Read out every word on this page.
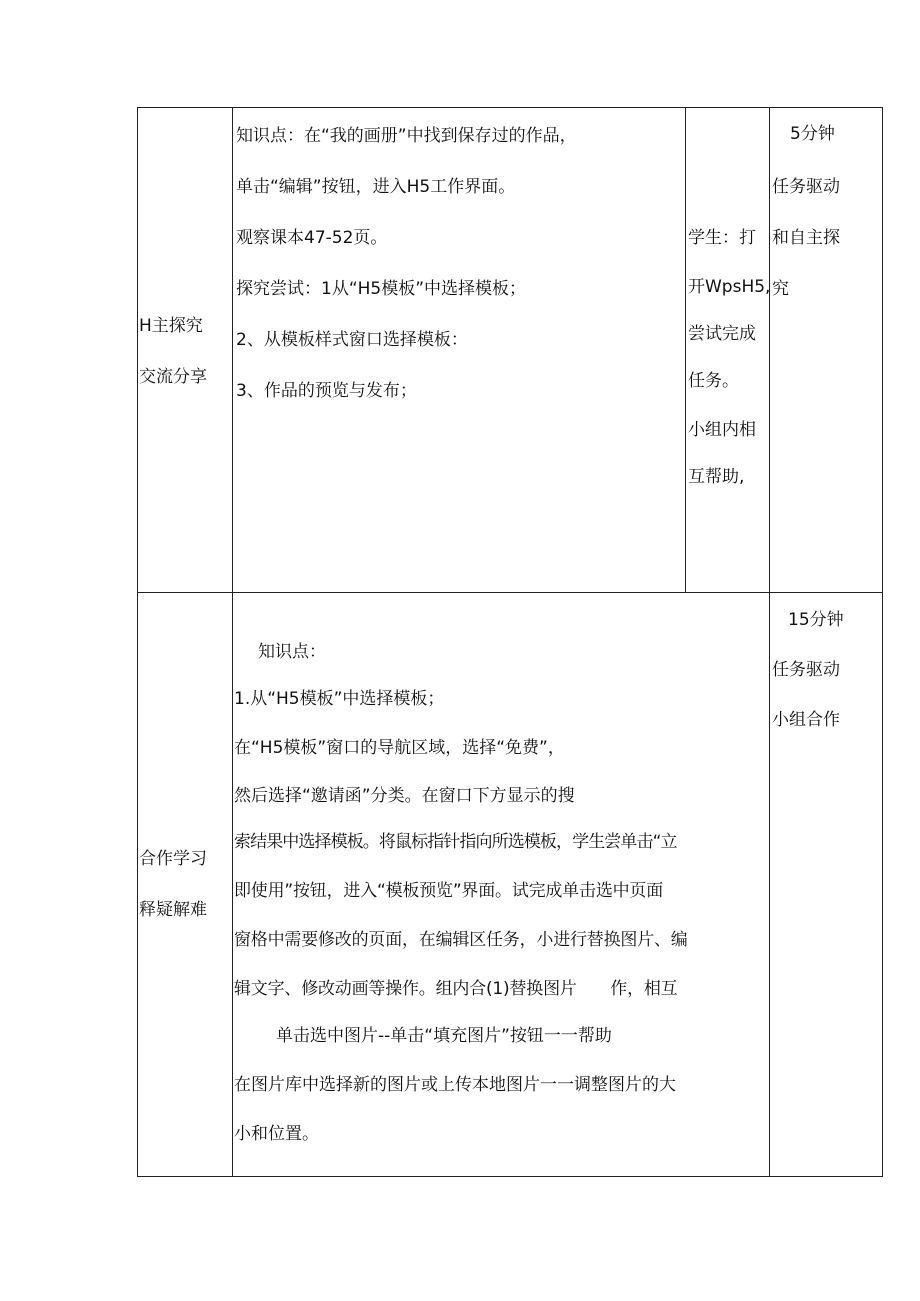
H主探究
交流分享
知识点：在“我的画册”中找到保存过的作品，
单击“编辑”按钮，进入H5工作界面。
观察课本47-52页。
探究尝试：1从“H5模板”中选择模板；
2、从模板样式窗口选择模板：
3、作品的预览与发布；
学生：打
开WpsH5,
尝试完成
任务。
小组内相
互帮助,
5分钟
任务驱动
和自主探
究
合作学习
释疑解难
知识点：
1.从“H5模板”中选择模板；
在“H5模板”窗口的导航区域，选择“免费”，
然后选择“邀请函”分类。在窗口下方显示的搜
索结果中选择模板。将鼠标指针指向所选模板，学生尝单击“立
即使用”按钮，进入“模板预览”界面。试完成单击选中页面
窗格中需要修改的页面，在编辑区任务，小进行替换图片、编
辑文字、修改动画等操作。组内合(1)替换图片　　作，相互
单击选中图片--单击“填充图片”按钮一一帮助
在图片库中选择新的图片或上传本地图片一一调整图片的大
小和位置。
15分钟
任务驱动
小组合作
